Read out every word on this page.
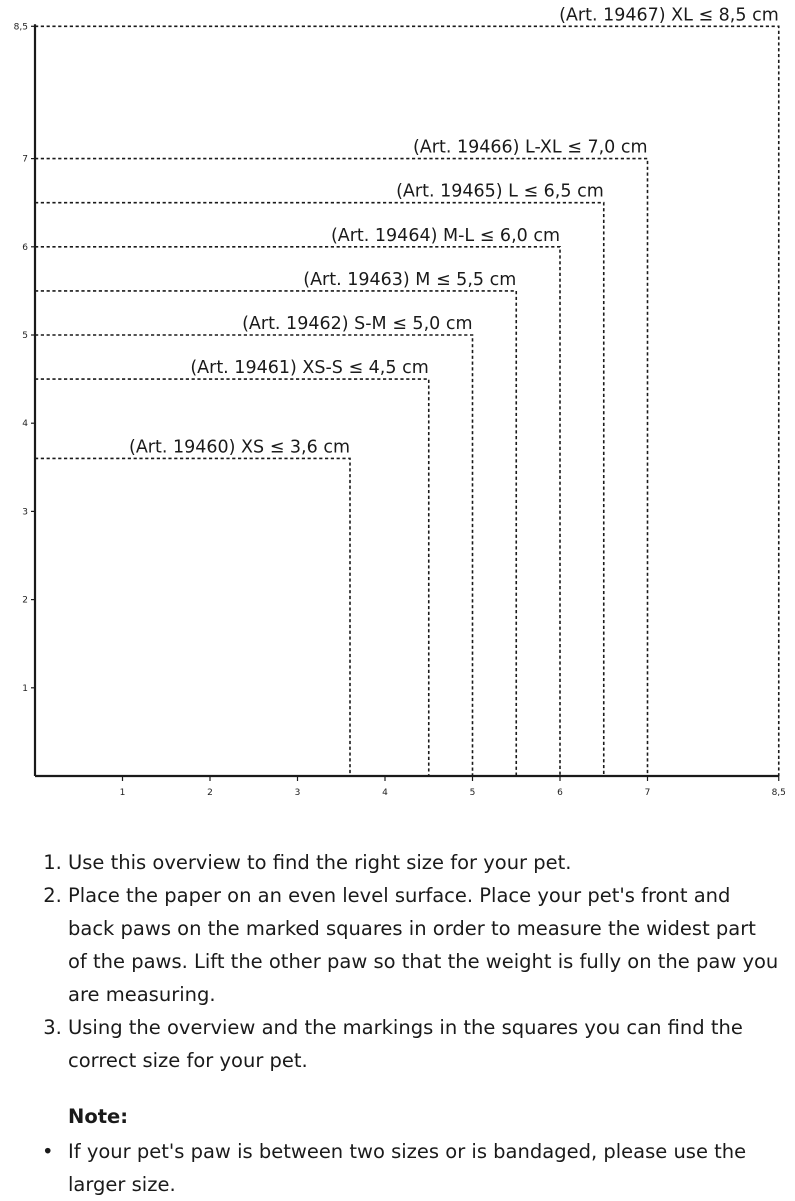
(Art. 19460) XS ≤ 3,6 cm
(Art. 19461) XS-S ≤ 4,5 cm
(Art. 19462) S-M ≤ 5,0 cm
(Art. 19463) M ≤ 5,5 cm
(Art. 19464) M-L ≤ 6,0 cm
(Art. 19465) L ≤ 6,5 cm
(Art. 19466) L-XL ≤ 7,0 cm
(Art. 19467) XL ≤ 8,5 cm
1	2	3	4	5	6	7	8,5
1
2
3
4
5
6
7
8,5
1. Use this overview to find the right size for your pet.
2. Place the paper on an even level surface. Place your pet's front and back paws on the marked squares in order to measure the widest part of the paws. Lift the other paw so that the weight is fully on the paw you are measuring.
3. Using the overview and the markings in the squares you can find the correct size for your pet.
Note:
• If your pet's paw is between two sizes or is bandaged, please use the larger size.
